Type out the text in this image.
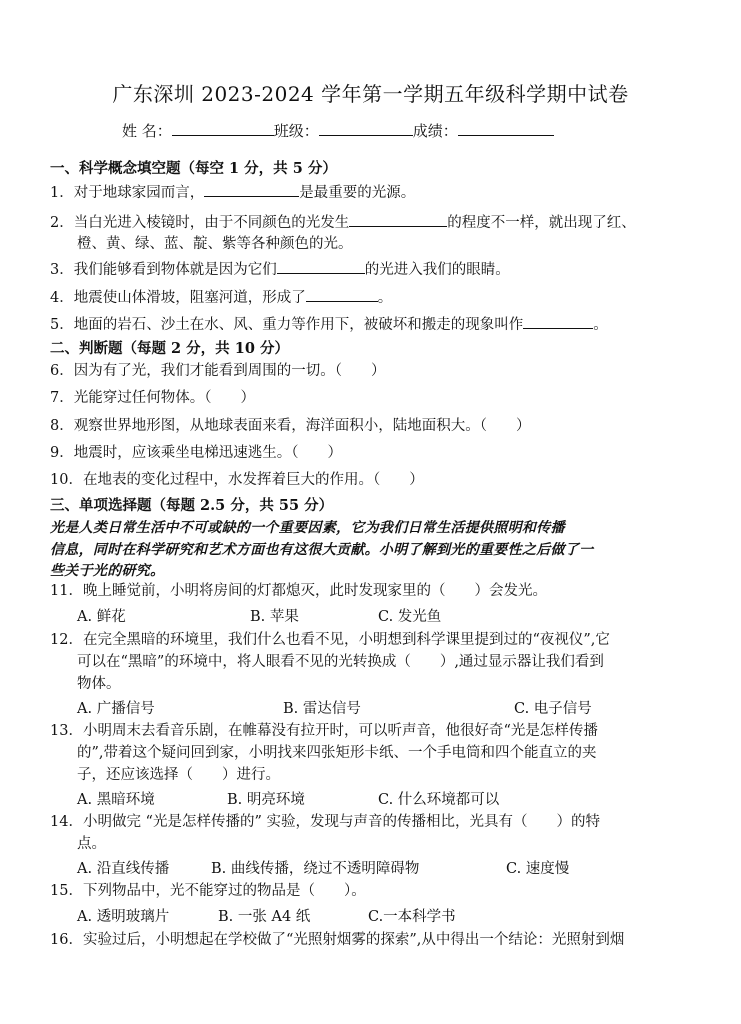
广东深圳 2023-2024 学年第一学期五年级科学期中试卷
姓 名：	班级：	成绩：
一、科学概念填空题（每空 1 分，共 5 分）
1．对于地球家园而言，	是最重要的光源。
2．当白光进入棱镜时，由于不同颜色的光发生	的程度不一样，就出现了红、
橙、黄、绿、蓝、靛、紫等各种颜色的光。
3．我们能够看到物体就是因为它们	的光进入我们的眼睛。
4．地震使山体滑坡，阻塞河道，形成了	。
5．地面的岩石、沙土在水、风、重力等作用下，被破坏和搬走的现象叫作	。
二、判断题（每题 2 分，共 10 分）
6．因为有了光，我们才能看到周围的一切。（　　）
7．光能穿过任何物体。（　　）
8．观察世界地形图，从地球表面来看，海洋面积小，陆地面积大。（　　）
9．地震时，应该乘坐电梯迅速逃生。（　　）
10．在地表的变化过程中，水发挥着巨大的作用。（　　）
三、单项选择题（每题 2.5 分，共 55 分）
光是人类日常生活中不可或缺的一个重要因素，它为我们日常生活提供照明和传播
信息，同时在科学研究和艺术方面也有这很大贡献。小明了解到光的重要性之后做了一
些关于光的研究。
11．晚上睡觉前，小明将房间的灯都熄灭，此时发现家里的（　　）会发光。
A. 鲜花	B. 苹果	C. 发光鱼
12．在完全黑暗的环境里，我们什么也看不见，小明想到科学课里提到过的“夜视仪”,它
可以在“黑暗”的环境中，将人眼看不见的光转换成（　　）,通过显示器让我们看到
物体。
A. 广播信号	B. 雷达信号	C. 电子信号
13．小明周末去看音乐剧，在帷幕没有拉开时，可以听声音，他很好奇“光是怎样传播
的”,带着这个疑问回到家，小明找来四张矩形卡纸、一个手电筒和四个能直立的夹
子，还应该选择（　　）进行。
A. 黑暗环境	B. 明亮环境	C. 什么环境都可以
14．小明做完 “光是怎样传播的” 实验，发现与声音的传播相比，光具有（　　）的特
点。
A. 沿直线传播	B. 曲线传播，绕过不透明障碍物	C. 速度慢
15．下列物品中，光不能穿过的物品是（　　）。
A. 透明玻璃片	B. 一张 A4 纸	C.一本科学书
16．实验过后，小明想起在学校做了“光照射烟雾的探索”,从中得出一个结论：光照射到烟
